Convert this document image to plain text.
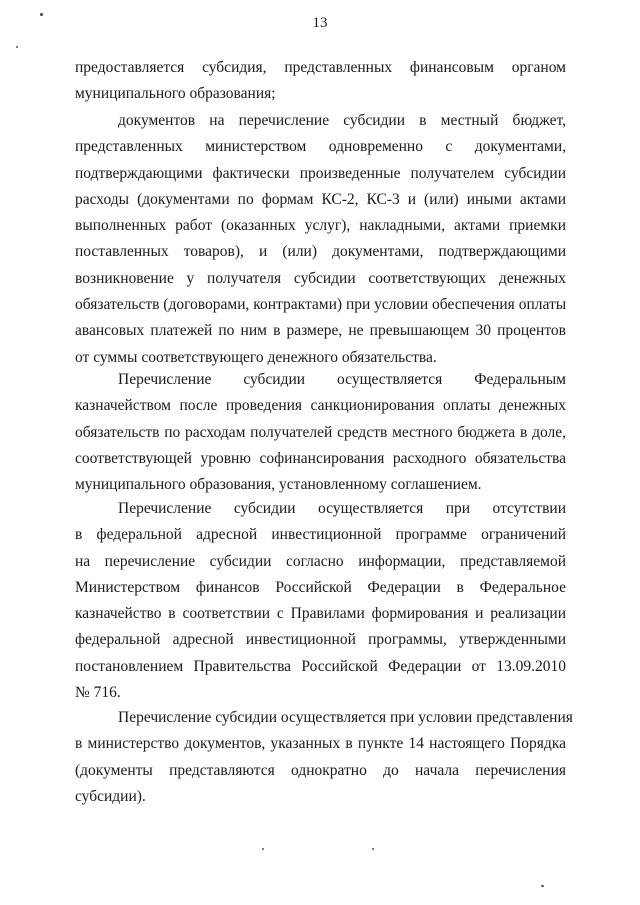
13
предоставляется субсидия, представленных финансовым органом
муниципального образования;
документов на перечисление субсидии в местный бюджет,
представленных министерством одновременно с документами,
подтверждающими фактически произведенные получателем субсидии
расходы (документами по формам КС-2, КС-3 и (или) иными актами
выполненных работ (оказанных услуг), накладными, актами приемки
поставленных товаров), и (или) документами, подтверждающими
возникновение у получателя субсидии соответствующих денежных
обязательств (договорами, контрактами) при условии обеспечения оплаты
авансовых платежей по ним в размере, не превышающем 30 процентов
от суммы соответствующего денежного обязательства.
Перечисление субсидии осуществляется Федеральным
казначейством после проведения санкционирования оплаты денежных
обязательств по расходам получателей средств местного бюджета в доле,
соответствующей уровню софинансирования расходного обязательства
муниципального образования, установленному соглашением.
Перечисление субсидии осуществляется при отсутствии
в федеральной адресной инвестиционной программе ограничений
на перечисление субсидии согласно информации, представляемой
Министерством финансов Российской Федерации в Федеральное
казначейство в соответствии с Правилами формирования и реализации
федеральной адресной инвестиционной программы, утвержденными
постановлением Правительства Российской Федерации от 13.09.2010
№ 716.
Перечисление субсидии осуществляется при условии представления
в министерство документов, указанных в пункте 14 настоящего Порядка
(документы представляются однократно до начала перечисления
субсидии).
